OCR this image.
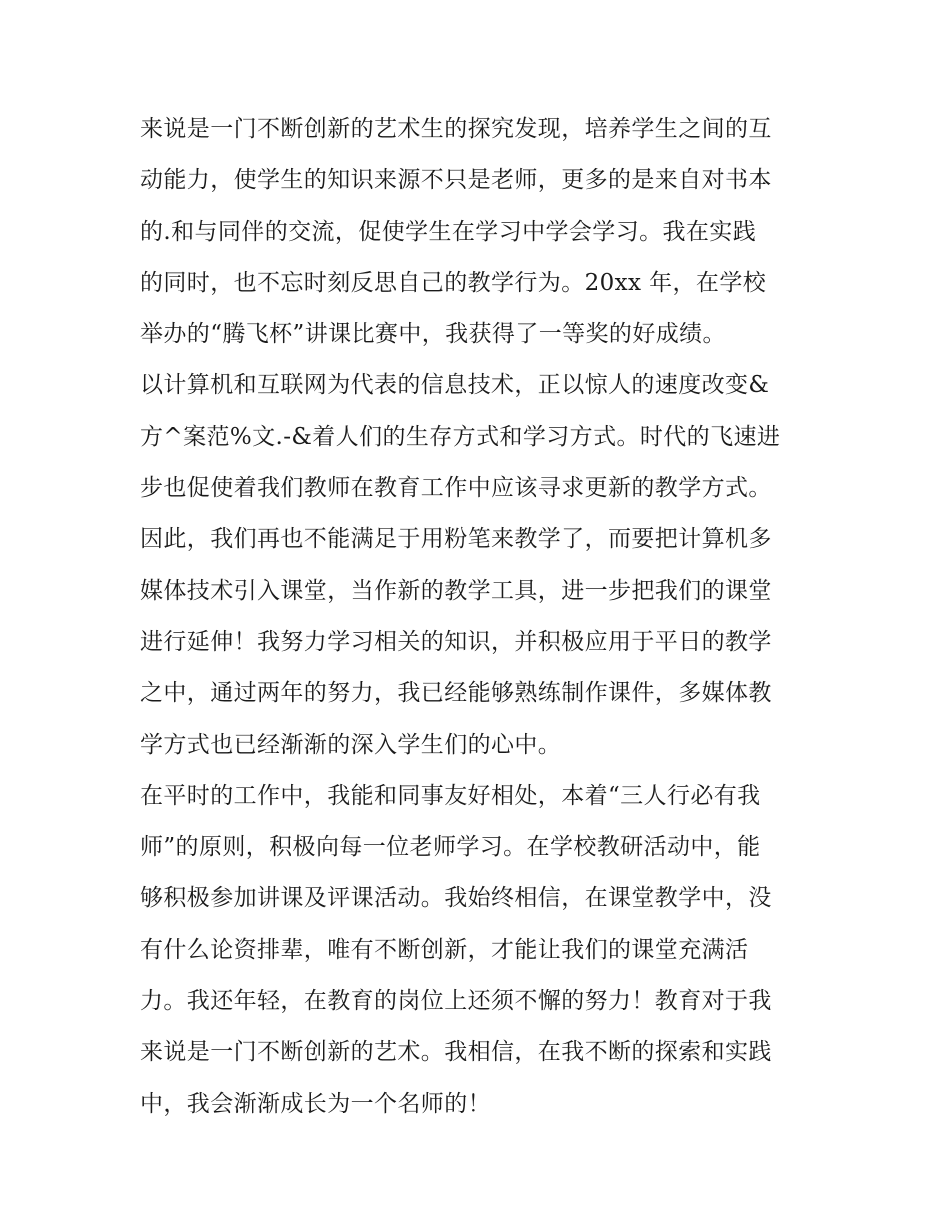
来说是一门不断创新的艺术生的探究发现，培养学生之间的互
动能力，使学生的知识来源不只是老师，更多的是来自对书本
的.和与同伴的交流，促使学生在学习中学会学习。我在实践
的同时，也不忘时刻反思自己的教学行为。20xx 年，在学校
举办的“腾飞杯”讲课比赛中，我获得了一等奖的好成绩。
以计算机和互联网为代表的信息技术，正以惊人的速度改变&
方^案范%文.-&着人们的生存方式和学习方式。时代的飞速进
步也促使着我们教师在教育工作中应该寻求更新的教学方式。
因此，我们再也不能满足于用粉笔来教学了，而要把计算机多
媒体技术引入课堂，当作新的教学工具，进一步把我们的课堂
进行延伸！我努力学习相关的知识，并积极应用于平日的教学
之中，通过两年的努力，我已经能够熟练制作课件，多媒体教
学方式也已经渐渐的深入学生们的心中。
在平时的工作中，我能和同事友好相处，本着“三人行必有我
师”的原则，积极向每一位老师学习。在学校教研活动中，能
够积极参加讲课及评课活动。我始终相信，在课堂教学中，没
有什么论资排辈，唯有不断创新，才能让我们的课堂充满活
力。我还年轻，在教育的岗位上还须不懈的努力！教育对于我
来说是一门不断创新的艺术。我相信，在我不断的探索和实践
中，我会渐渐成长为一个名师的！
